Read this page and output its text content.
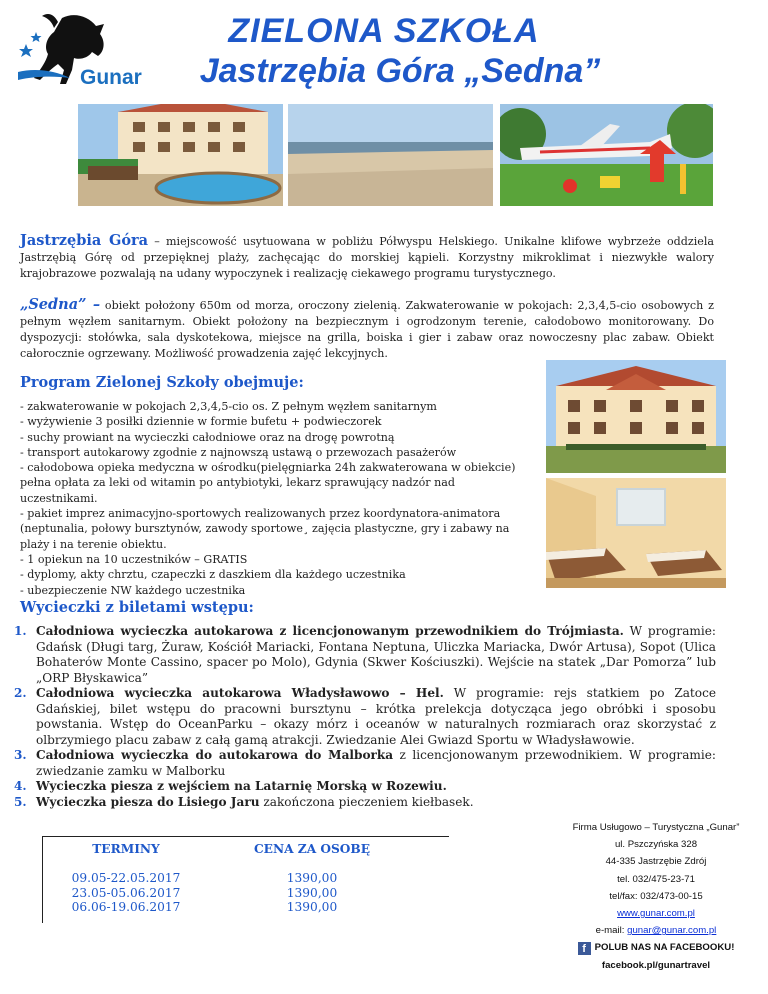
Gunar
ZIELONA SZKOŁA
Jastrzębia Góra „Sedna”
Jastrzębia Góra – miejscowość usytuowana w pobliżu Półwyspu Helskiego. Unikalne klifowe wybrzeże oddziela Jastrzębią Górę od przepięknej plaży, zachęcając do morskiej kąpieli. Korzystny mikroklimat i niezwykłe walory krajobrazowe pozwalają na udany wypoczynek i realizację ciekawego programu turystycznego.
„Sedna” – obiekt położony 650m od morza, oroczony zielenią. Zakwaterowanie w pokojach: 2,3,4,5-cio osobowych z pełnym węzłem sanitarnym. Obiekt położony na bezpiecznym i ogrodzonym terenie, całodobowo monitorowany. Do dyspozycji: stołówka, sala dyskotekowa, miejsce na grilla, boiska i gier i zabaw oraz nowoczesny plac zabaw. Obiekt całorocznie ogrzewany. Możliwość prowadzenia zajęć lekcyjnych.
Program Zielonej Szkoły obejmuje:
- zakwaterowanie w pokojach 2,3,4,5-cio os. Z pełnym węzłem sanitarnym
- wyżywienie 3 posiłki dziennie w formie bufetu + podwieczorek
- suchy prowiant na wycieczki całodniowe oraz na drogę powrotną
- transport autokarowy zgodnie z najnowszą ustawą o przewozach pasażerów
- całodobowa opieka medyczna w ośrodku(pielęgniarka 24h zakwaterowana w obiekcie) pełna opłata za leki od witamin po antybiotyki, lekarz sprawujący nadzór nad uczestnikami.
- pakiet imprez animacyjno-sportowych realizowanych przez koordynatora-animatora (neptunalia, połowy bursztynów, zawody sportowe¸ zajęcia plastyczne, gry i zabawy na plaży i na terenie obiektu.
- 1 opiekun na 10 uczestników – GRATIS
- dyplomy, akty chrztu, czapeczki z daszkiem dla każdego uczestnika
- ubezpieczenie NW każdego uczestnika
Wycieczki z biletami wstępu:
1. Całodniowa wycieczka autokarowa z licencjonowanym przewodnikiem do Trójmiasta. W programie: Gdańsk (Długi targ, Żuraw, Kościół Mariacki, Fontana Neptuna, Uliczka Mariacka, Dwór Artusa), Sopot (Ulica Bohaterów Monte Cassino, spacer po Molo), Gdynia (Skwer Kościuszki). Wejście na statek „Dar Pomorza” lub „ORP Błyskawica”
2. Całodniowa wycieczka autokarowa Władysławowo – Hel. W programie: rejs statkiem po Zatoce Gdańskiej, bilet wstępu do pracowni bursztynu – krótka prelekcja dotycząca jego obróbki i sposobu powstania. Wstęp do OceanParku – okazy mórz i oceanów w naturalnych rozmiarach oraz skorzystać z olbrzymiego placu zabaw z całą gamą atrakcji. Zwiedzanie Alei Gwiazd Sportu w Władysławowie.
3. Całodniowa wycieczka do autokarowa do Malborka z licencjonowanym przewodnikiem. W programie: zwiedzanie zamku w Malborku
4. Wycieczka piesza z wejściem na Latarnię Morską w Rozewiu.
5. Wycieczka piesza do Lisiego Jaru zakończona pieczeniem kiełbasek.
TERMINY	CENA ZA OSOBĘ
09.05-22.05.2017
23.05-05.06.2017
06.06-19.06.2017
1390,00
1390,00
1390,00
Firma Usługowo – Turystyczna „Gunar”
ul. Pszczyńska 328
44-335 Jastrzębie Zdrój
tel. 032/475-23-71
tel/fax: 032/473-00-15
www.gunar.com.pl
e-mail: gunar@gunar.com.pl
f POLUB NAS NA FACEBOOKU!
facebook.pl/gunartravel
